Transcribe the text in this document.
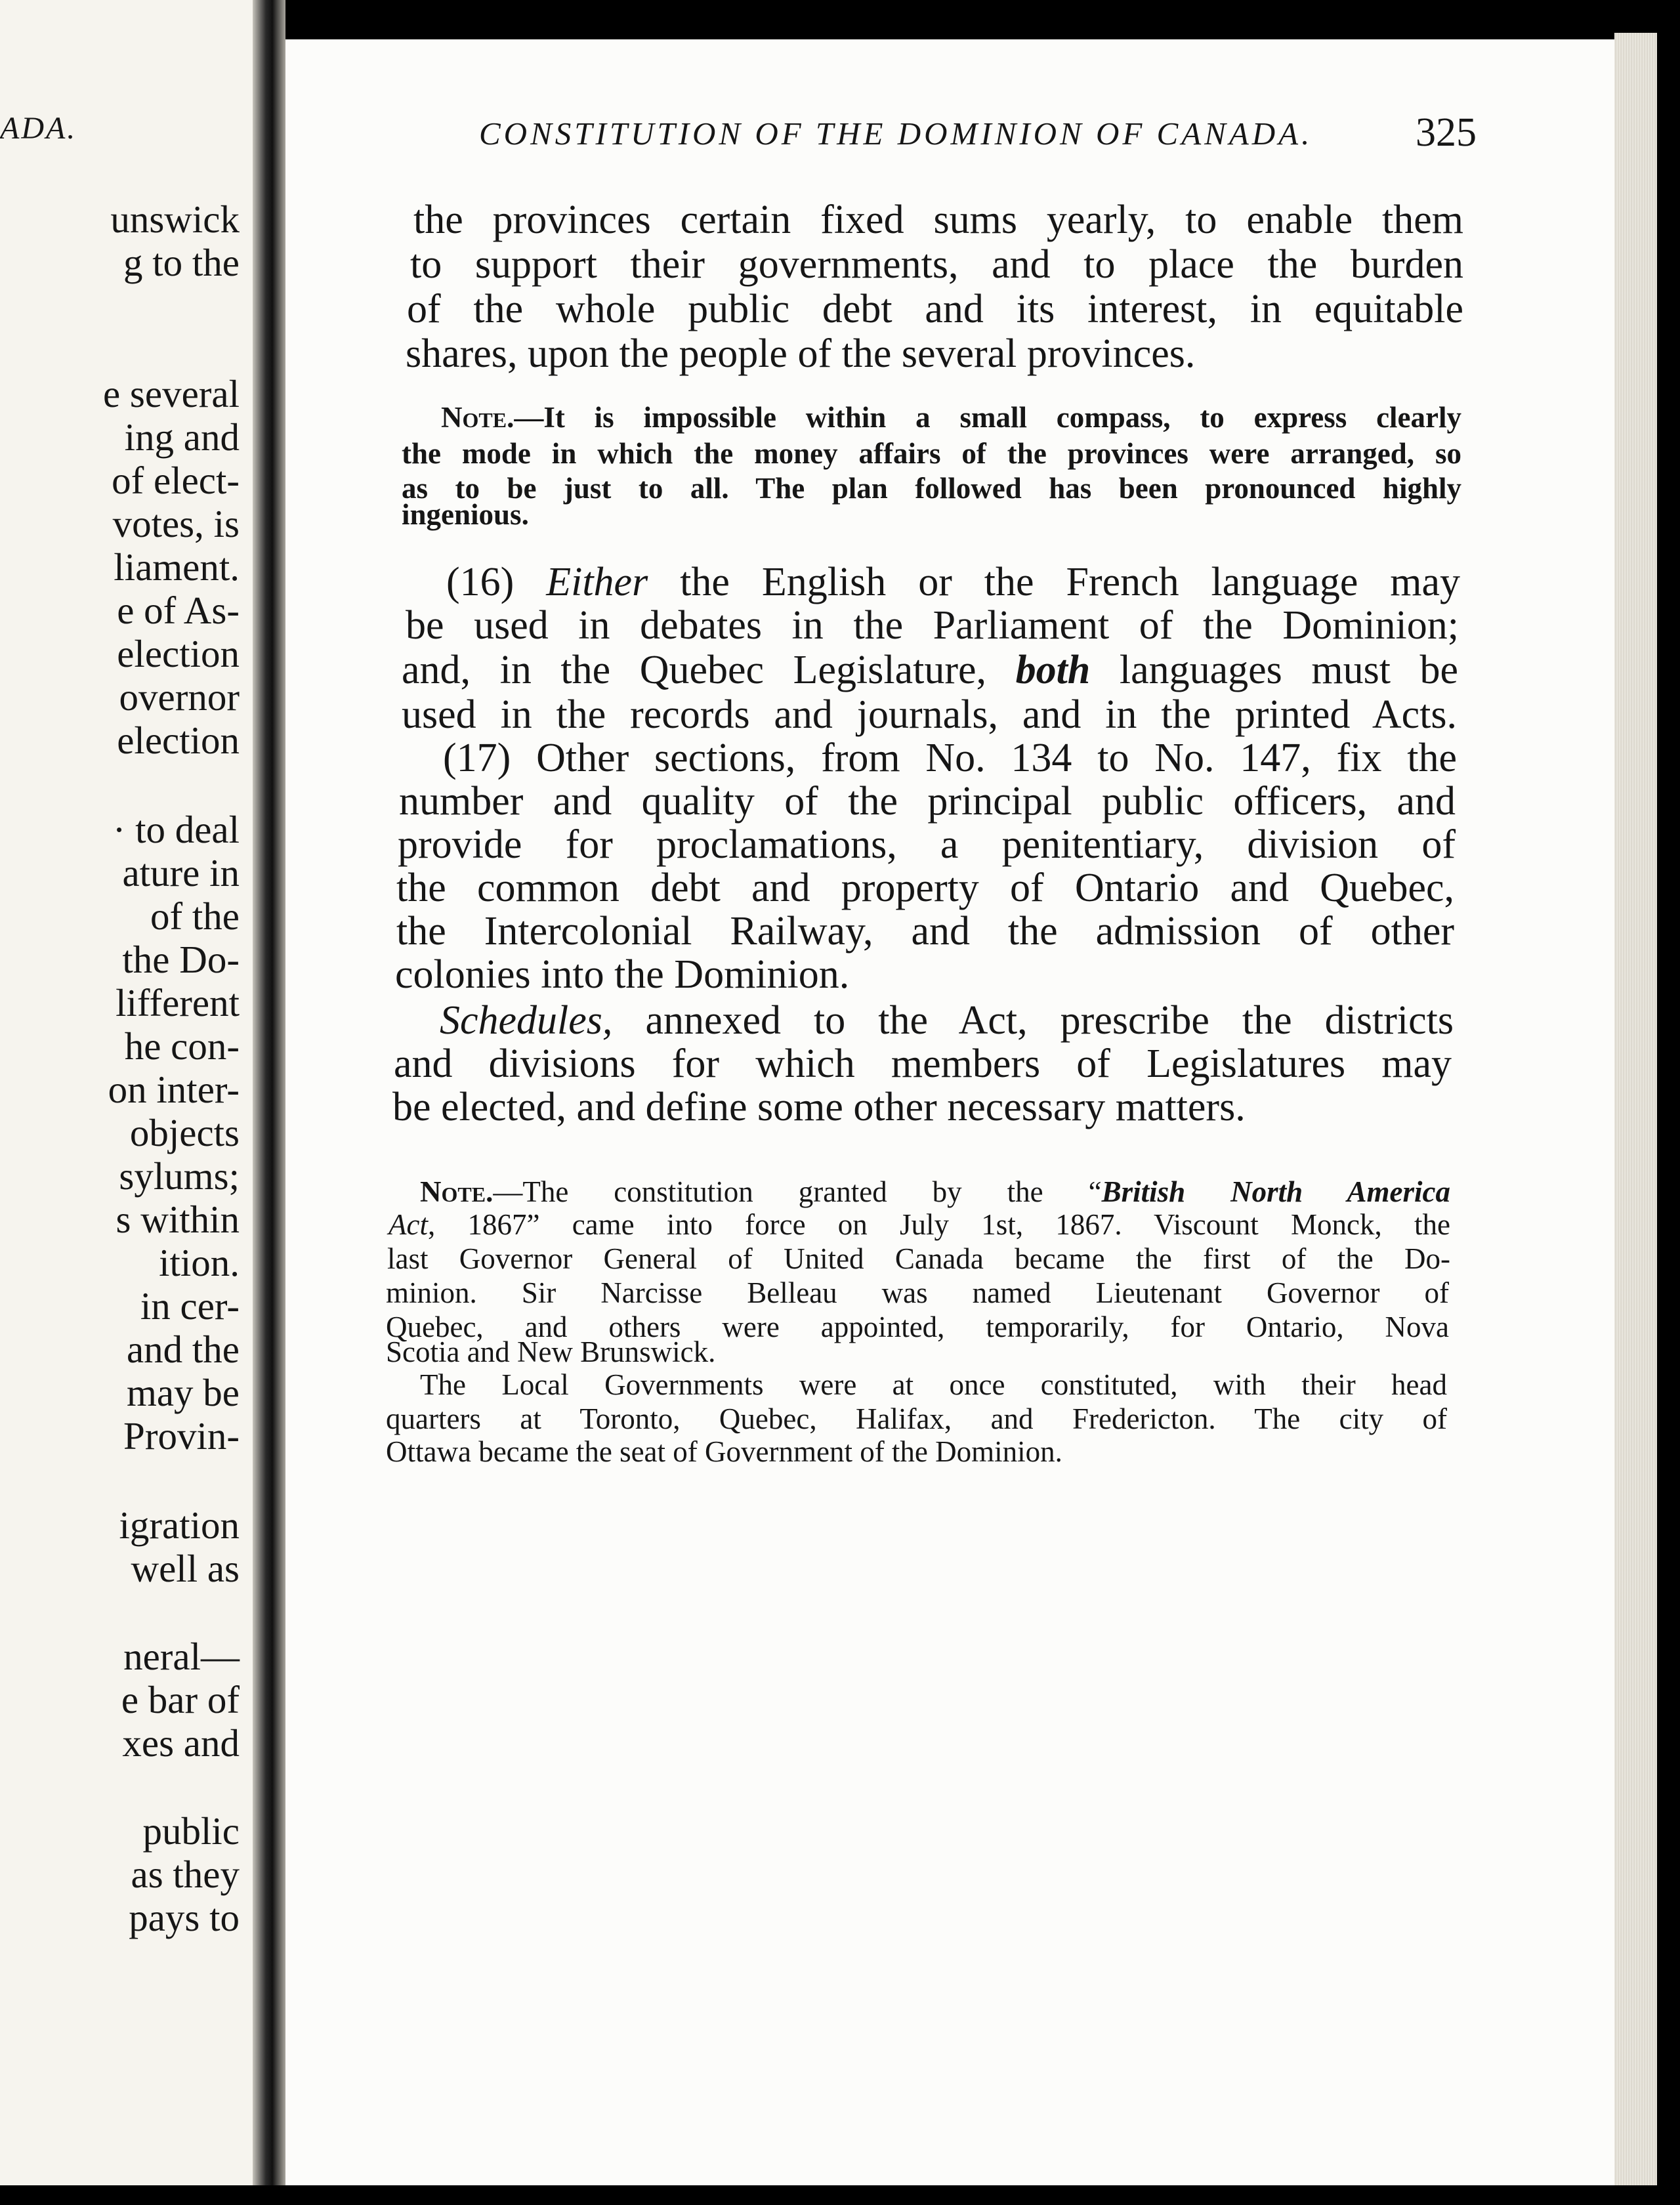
ADA.
unswick
g to the
e several
ing and
of elect-
votes, is
liament.
e of As-
election
overnor
election
· to deal
ature in
of the
the Do-
lifferent
he con-
on inter-
objects
sylums;
s within
ition.
in cer-
and the
may be
Provin-
igration
well as
neral—
e bar of
xes and
public
as they
pays to
CONSTITUTION OF THE DOMINION OF CANADA.	325
the provinces certain fixed sums yearly, to enable them
to support their governments, and to place the burden
of the whole public debt and its interest, in equitable
shares, upon the people of the several provinces.
Note.—It is impossible within a small compass, to express clearly
the mode in which the money affairs of the provinces were arranged, so
as to be just to all. The plan followed has been pronounced highly
ingenious.
(16) Either the English or the French language may
be used in debates in the Parliament of the Dominion;
and, in the Quebec Legislature, both languages must be
used in the records and journals, and in the printed Acts.
(17) Other sections, from No. 134 to No. 147, fix the
number and quality of the principal public officers, and
provide for proclamations, a penitentiary, division of
the common debt and property of Ontario and Quebec,
the Intercolonial Railway, and the admission of other
colonies into the Dominion.
Schedules, annexed to the Act, prescribe the districts
and divisions for which members of Legislatures may
be elected, and define some other necessary matters.
Note.—The constitution granted by the “British North America
Act, 1867” came into force on July 1st, 1867. Viscount Monck, the
last Governor General of United Canada became the first of the Do-
minion. Sir Narcisse Belleau was named Lieutenant Governor of
Quebec, and others were appointed, temporarily, for Ontario, Nova
Scotia and New Brunswick.
The Local Governments were at once constituted, with their head
quarters at Toronto, Quebec, Halifax, and Fredericton. The city of
Ottawa became the seat of Government of the Dominion.
